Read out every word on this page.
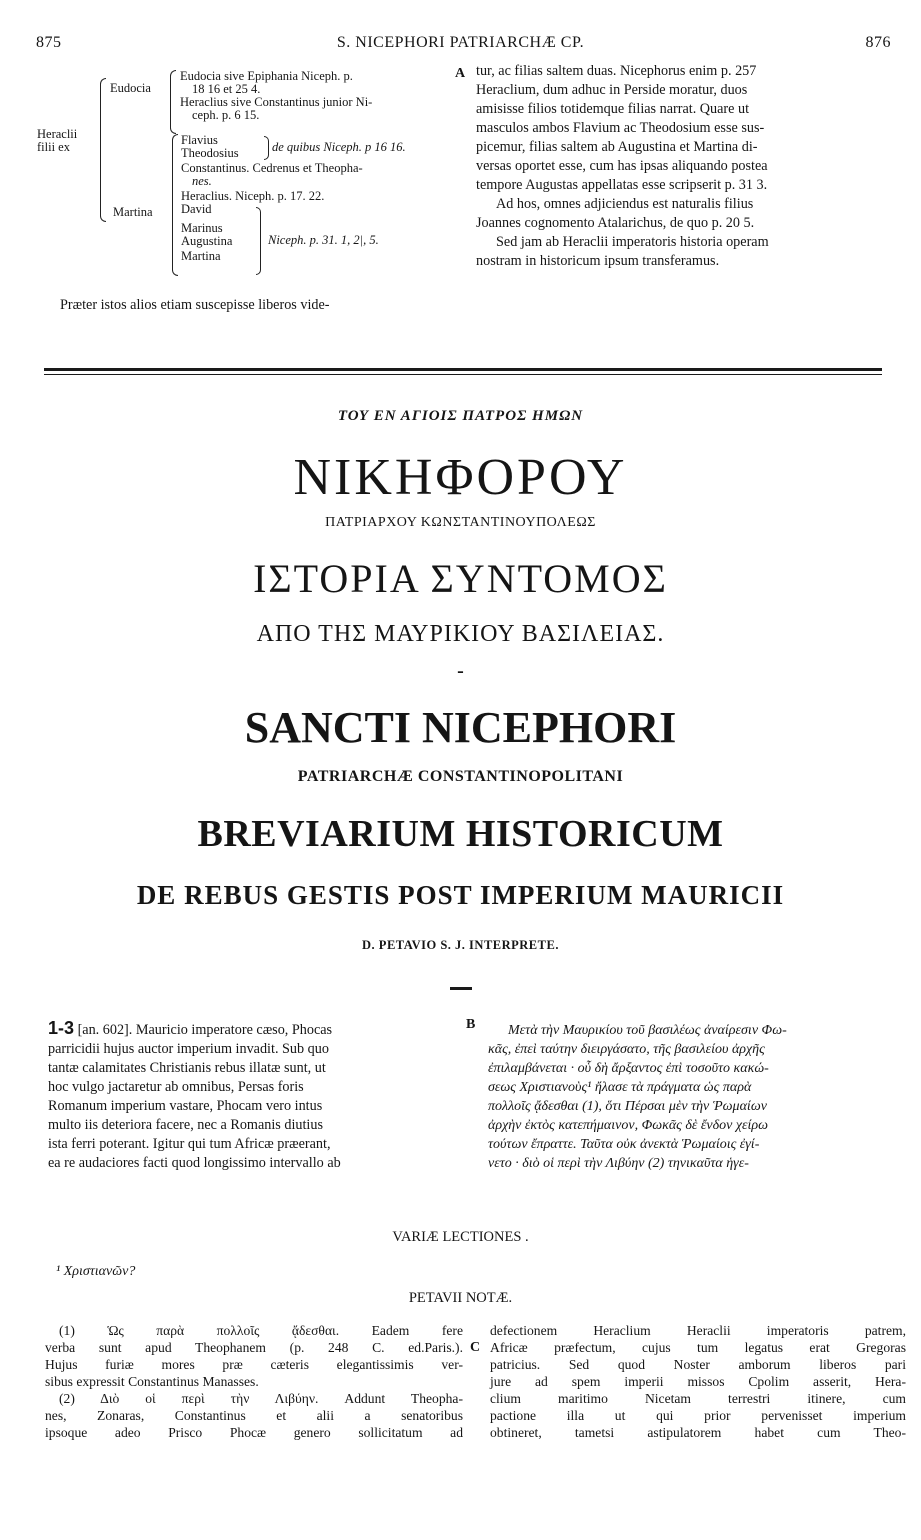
875	S. NICEPHORI PATRIARCHÆ CP.	876
Heraclii
filii ex
Eudocia
Eudocia sive Epiphania Niceph. p.
18 16 et 25 4.
Heraclius sive Constantinus junior Ni-
ceph. p. 6 15.
Martina
Flavius
Theodosius	de quibus Niceph. p 16 16.
Constantinus. Cedrenus et Theopha-
nes.
Heraclius. Niceph. p. 17. 22.
David
Marinus
Augustina
Martina
Niceph. p. 31. 1, 2|, 5.
Præter istos alios etiam suscepisse liberos vide-
A
B
C

tur, ac filias saltem duas. Nicephorus enim p. 257

Heraclium, dum adhuc in Perside moratur, duos

amisisse filios totidemque filias narrat. Quare ut

masculos ambos Flavium ac Theodosium esse sus-

picemur, filias saltem ab Augustina et Martina di-

versas oportet esse, cum has ipsas aliquando postea

tempore Augustas appellatas esse scripserit p. 31 3.

Ad hos, omnes adjiciendus est naturalis filius

Joannes cognomento Atalarichus, de quo p. 20 5.

Sed jam ab Heraclii imperatoris historia operam

nostram in historicum ipsum transferamus.

ΤΟΥ ΕΝ ΑΓΙΟΙΣ ΠΑΤΡΟΣ ΗΜΩΝ
ΝΙΚΗΦΟΡΟΥ
ΠΑΤΡΙΑΡΧΟΥ ΚΩΝΣΤΑΝΤΙΝΟΥΠΟΛΕΩΣ
ΙΣΤΟΡΙΑ ΣΥΝΤΟΜΟΣ
ΑΠΟ ΤΗΣ ΜΑΥΡΙΚΙΟΥ ΒΑΣΙΛΕΙΑΣ.
-
SANCTI NICEPHORI
PATRIARCHÆ CONSTANTINOPOLITANI
BREVIARIUM HISTORICUM
DE REBUS GESTIS POST IMPERIUM MAURICII
D. PETAVIO S. J. INTERPRETE.

1-3 [an. 602]. Mauricio imperatore cæso, Phocas

parricidii hujus auctor imperium invadit. Sub quo

tantæ calamitates Christianis rebus illatæ sunt, ut

hoc vulgo jactaretur ab omnibus, Persas foris

Romanum imperium vastare, Phocam vero intus

multo iis deteriora facere, nec a Romanis diutius

ista ferri poterant. Igitur qui tum Africæ præerant,

ea re audaciores facti quod longissimo intervallo ab

Μετὰ τὴν Μαυρικίου τοῦ βασιλέως ἀναίρεσιν Φω-

κᾶς, ἐπεὶ ταύτην διειργάσατο, τῆς βασιλείου ἀρχῆς

ἐπιλαμβάνεται · οὗ δὴ ἄρξαντος ἐπὶ τοσοῦτο κακώ-

σεως Χριστιανοὺς¹ ἤλασε τὰ πράγματα ὡς παρὰ

πολλοῖς ᾄδεσθαι (1), ὅτι Πέρσαι μὲν τὴν Ῥωμαίων

ἀρχὴν ἐκτὸς κατεπήμαινον, Φωκᾶς δὲ ἔνδον χείρω

τούτων ἔπραττε. Ταῦτα οὐκ ἀνεκτὰ Ῥωμαίοις ἐγί-

νετο · διὸ οἱ περὶ τὴν Λιβύην (2) τηνικαῦτα ἡγε-

VARIÆ LECTIONES .
¹ Χριστιανῶν?
PETAVII NOTÆ.

(1) Ὡς παρὰ πολλοῖς ᾄδεσθαι. Eadem fere

verba sunt apud Theophanem (p. 248 C. ed.Paris.).

Hujus furiæ mores præ cæteris elegantissimis ver-

sibus expressit Constantinus Manasses.

(2) Διὸ οἱ περὶ τὴν Λιβύην. Addunt Theopha-

nes, Zonaras, Constantinus et alii a senatoribus

ipsoque adeo Prisco Phocæ genero sollicitatum ad

defectionem Heraclium Heraclii imperatoris patrem,

Africæ præfectum, cujus tum legatus erat Gregoras

patricius. Sed quod Noster amborum liberos pari

jure ad spem imperii missos Cpolim asserit, Hera-

clium maritimo Nicetam terrestri itinere, cum

pactione illa ut qui prior pervenisset imperium

obtineret, tametsi astipulatorem habet cum Theo-
